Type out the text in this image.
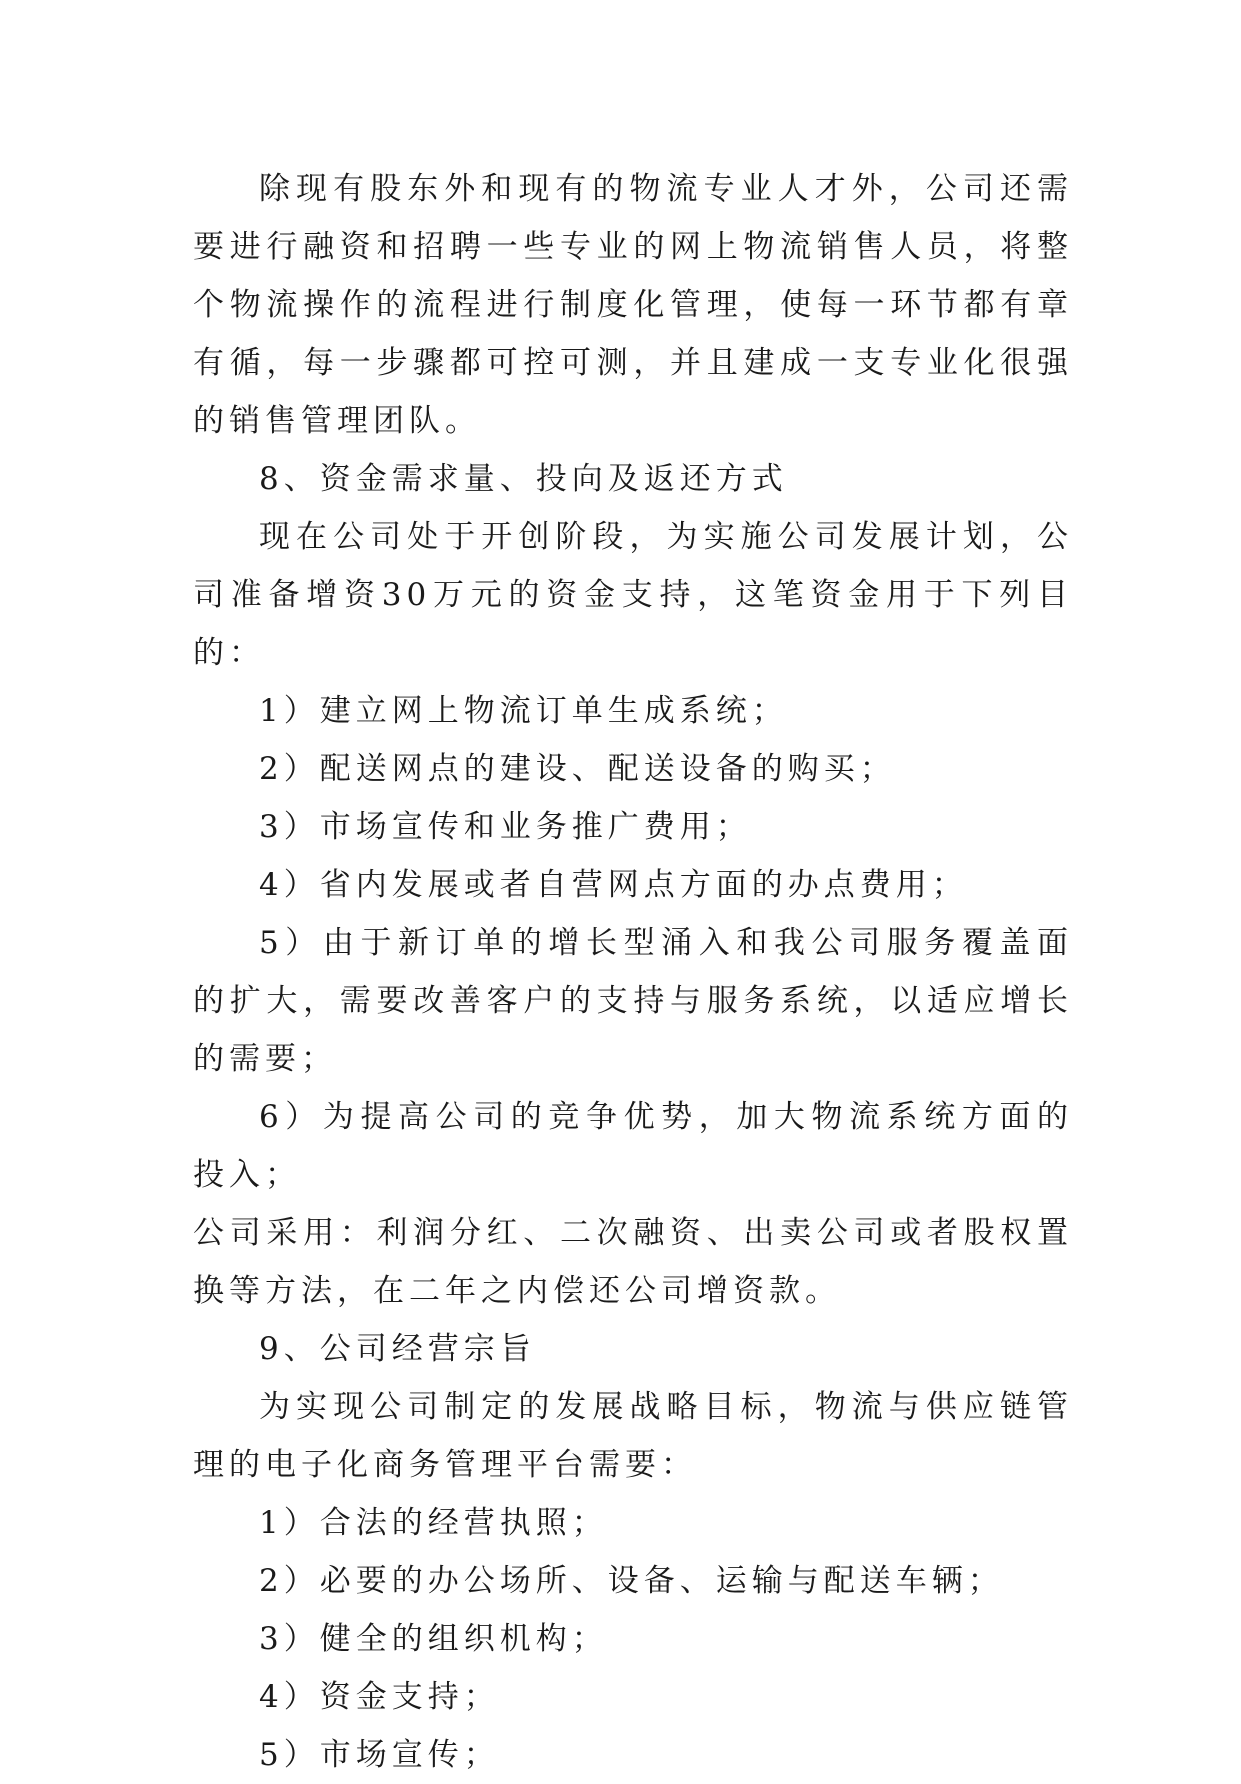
除现有股东外和现有的物流专业人才外，公司还需要进行融资和招聘一些专业的网上物流销售人员，将整个物流操作的流程进行制度化管理，使每一环节都有章有循，每一步骤都可控可测，并且建成一支专业化很强的销售管理团队。

8、资金需求量、投向及返还方式

现在公司处于开创阶段，为实施公司发展计划，公司准备增资30万元的资金支持，这笔资金用于下列目的：

1）建立网上物流订单生成系统；

2）配送网点的建设、配送设备的购买；

3）市场宣传和业务推广费用；

4）省内发展或者自营网点方面的办点费用；

5）由于新订单的增长型涌入和我公司服务覆盖面的扩大，需要改善客户的支持与服务系统，以适应增长的需要；

6）为提高公司的竞争优势，加大物流系统方面的投入；

公司采用：利润分红、二次融资、出卖公司或者股权置换等方法，在二年之内偿还公司增资款。

9、公司经营宗旨

为实现公司制定的发展战略目标，物流与供应链管理的电子化商务管理平台需要：

1）合法的经营执照；

2）必要的办公场所、设备、运输与配送车辆；

3）健全的组织机构；

4）资金支持；

5）市场宣传；
